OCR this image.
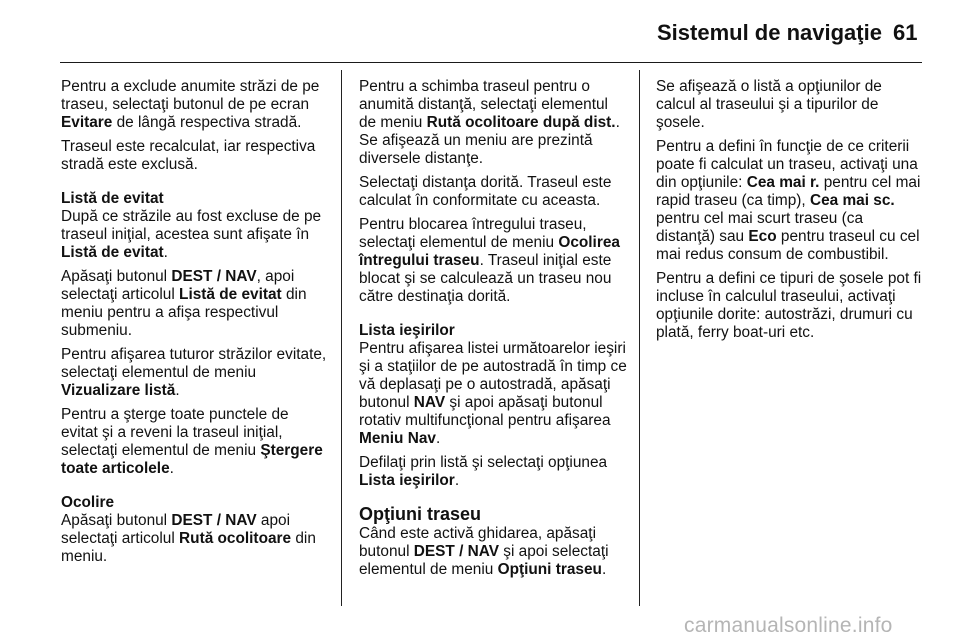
Sistemul de navigaţie 61

Pentru a exclude anumite străzi de pe traseu, selectaţi butonul de pe ecran Evitare de lângă respectiva stradă.

Traseul este recalculat, iar respectiva stradă este exclusă.

Listă de evitat
După ce străzile au fost excluse de pe traseul iniţial, acestea sunt afişate în Listă de evitat.

Apăsaţi butonul DEST / NAV, apoi selectaţi articolul Listă de evitat din meniu pentru a afişa respectivul submeniu.

Pentru afişarea tuturor străzilor evitate, selectaţi elementul de meniu Vizualizare listă.

Pentru a şterge toate punctele de evitat şi a reveni la traseul iniţial, selectaţi elementul de meniu Ştergere toate articolele.

Ocolire
Apăsaţi butonul DEST / NAV apoi selectaţi articolul Rută ocolitoare din meniu.

Pentru a schimba traseul pentru o anumită distanţă, selectaţi elementul de meniu Rută ocolitoare după dist.. Se afişează un meniu are prezintă diversele distanţe.

Selectaţi distanţa dorită. Traseul este calculat în conformitate cu aceasta.

Pentru blocarea întregului traseu, selectaţi elementul de meniu Ocolirea întregului traseu. Traseul iniţial este blocat şi se calculează un traseu nou către destinaţia dorită.

Lista ieşirilor
Pentru afişarea listei următoarelor ieşiri şi a staţiilor de pe autostradă în timp ce vă deplasaţi pe o autostradă, apăsaţi butonul NAV şi apoi apăsaţi butonul rotativ multifuncţional pentru afişarea Meniu Nav.

Defilaţi prin listă şi selectaţi opţiunea Lista ieşirilor.

Opţiuni traseu
Când este activă ghidarea, apăsaţi butonul DEST / NAV şi apoi selectaţi elementul de meniu Opţiuni traseu.

Se afişează o listă a opţiunilor de calcul al traseului şi a tipurilor de şosele.

Pentru a defini în funcţie de ce criterii poate fi calculat un traseu, activaţi una din opţiunile: Cea mai r. pentru cel mai rapid traseu (ca timp), Cea mai sc. pentru cel mai scurt traseu (ca distanţă) sau Eco pentru traseul cu cel mai redus consum de combustibil.

Pentru a defini ce tipuri de şosele pot fi incluse în calculul traseului, activaţi opţiunile dorite: autostrăzi, drumuri cu plată, ferry boat-uri etc.

carmanualsonline.info
